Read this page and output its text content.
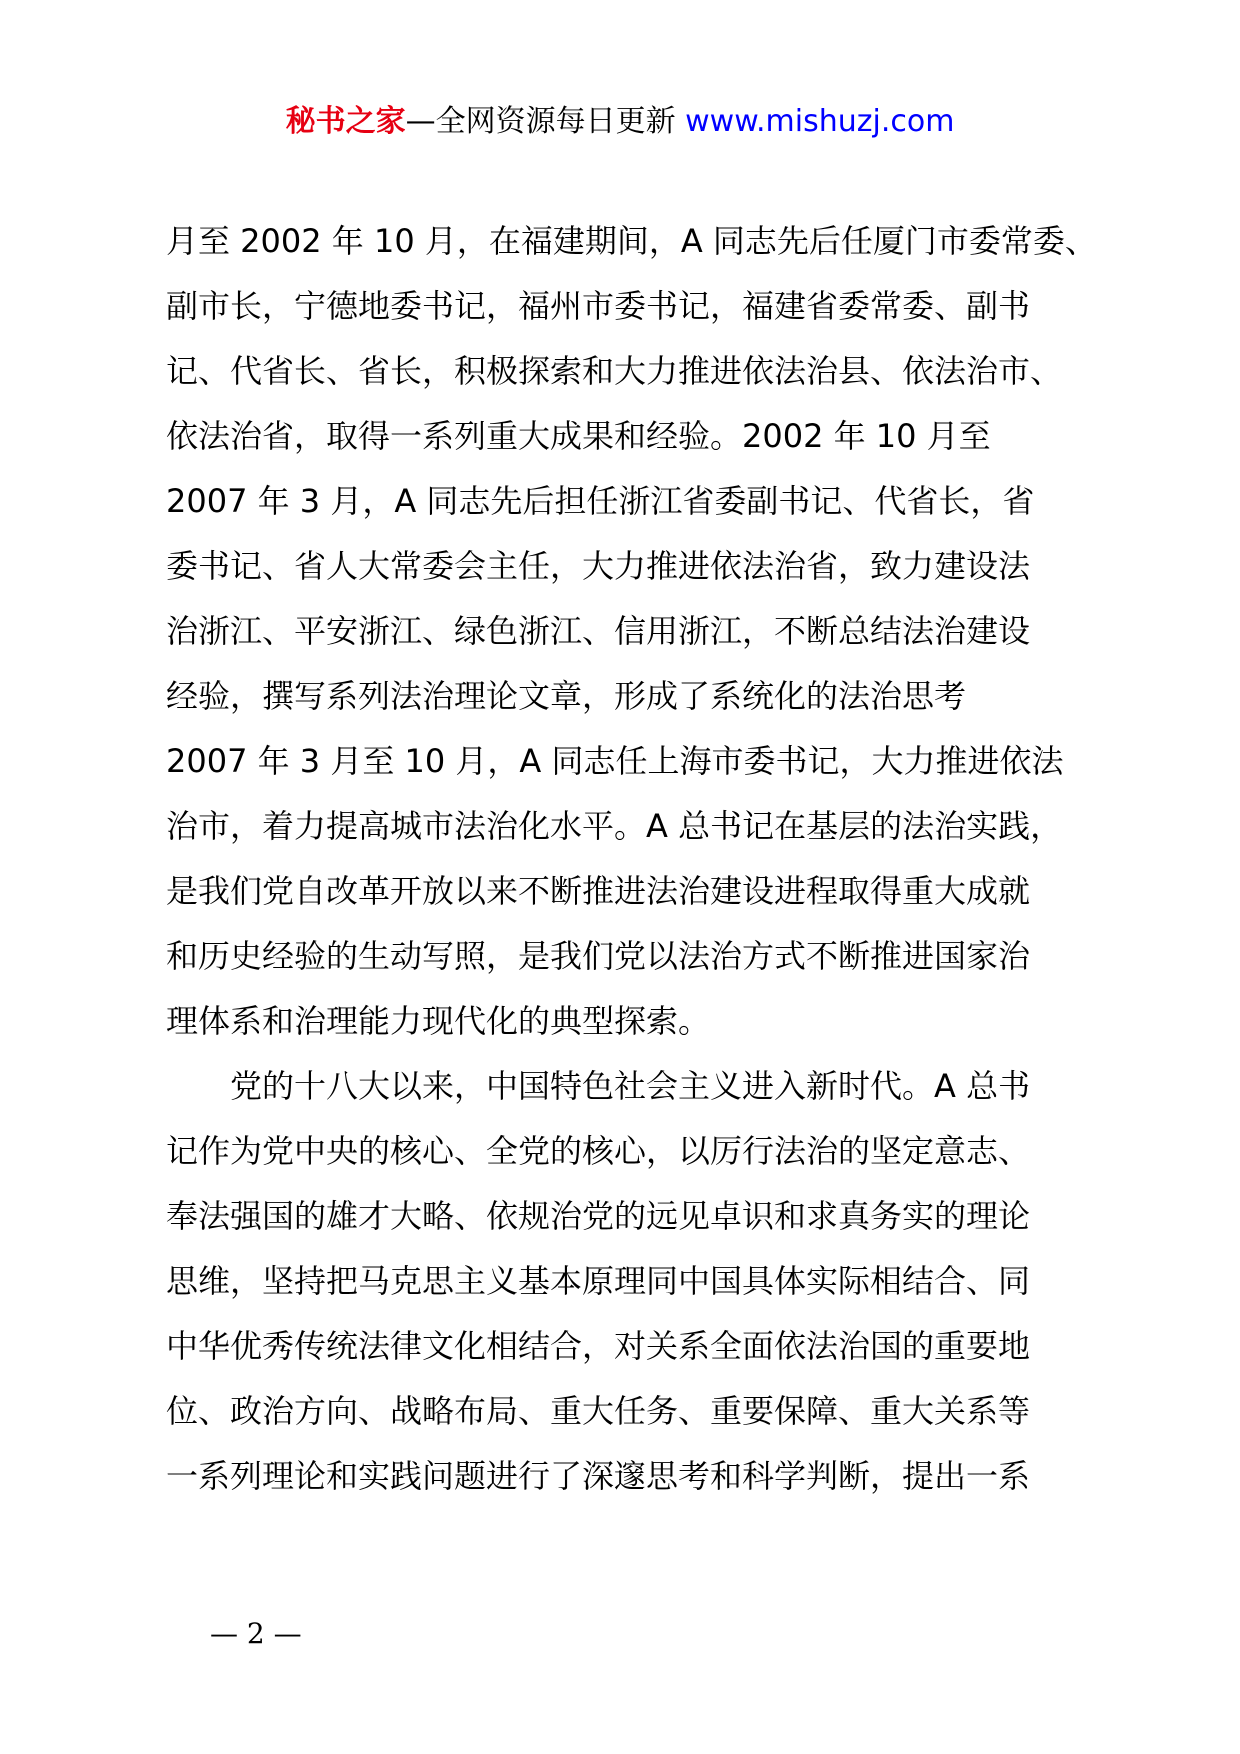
秘书之家—全网资源每日更新 www.mishuzj.com
月至 2002 年 10 月，在福建期间，A 同志先后任厦门市委常委、
副市长，宁德地委书记，福州市委书记，福建省委常委、副书
记、代省长、省长，积极探索和大力推进依法治县、依法治市、
依法治省，取得一系列重大成果和经验。2002 年 10 月至
2007 年 3 月，A 同志先后担任浙江省委副书记、代省长，省
委书记、省人大常委会主任，大力推进依法治省，致力建设法
治浙江、平安浙江、绿色浙江、信用浙江，不断总结法治建设
经验，撰写系列法治理论文章，形成了系统化的法治思考
2007 年 3 月至 10 月，A 同志任上海市委书记，大力推进依法
治市，着力提高城市法治化水平。A 总书记在基层的法治实践，
是我们党自改革开放以来不断推进法治建设进程取得重大成就
和历史经验的生动写照，是我们党以法治方式不断推进国家治
理体系和治理能力现代化的典型探索。
　　党的十八大以来，中国特色社会主义进入新时代。A 总书
记作为党中央的核心、全党的核心，以厉行法治的坚定意志、
奉法强国的雄才大略、依规治党的远见卓识和求真务实的理论
思维，坚持把马克思主义基本原理同中国具体实际相结合、同
中华优秀传统法律文化相结合，对关系全面依法治国的重要地
位、政治方向、战略布局、重大任务、重要保障、重大关系等
一系列理论和实践问题进行了深邃思考和科学判断，提出一系
— 2 —
